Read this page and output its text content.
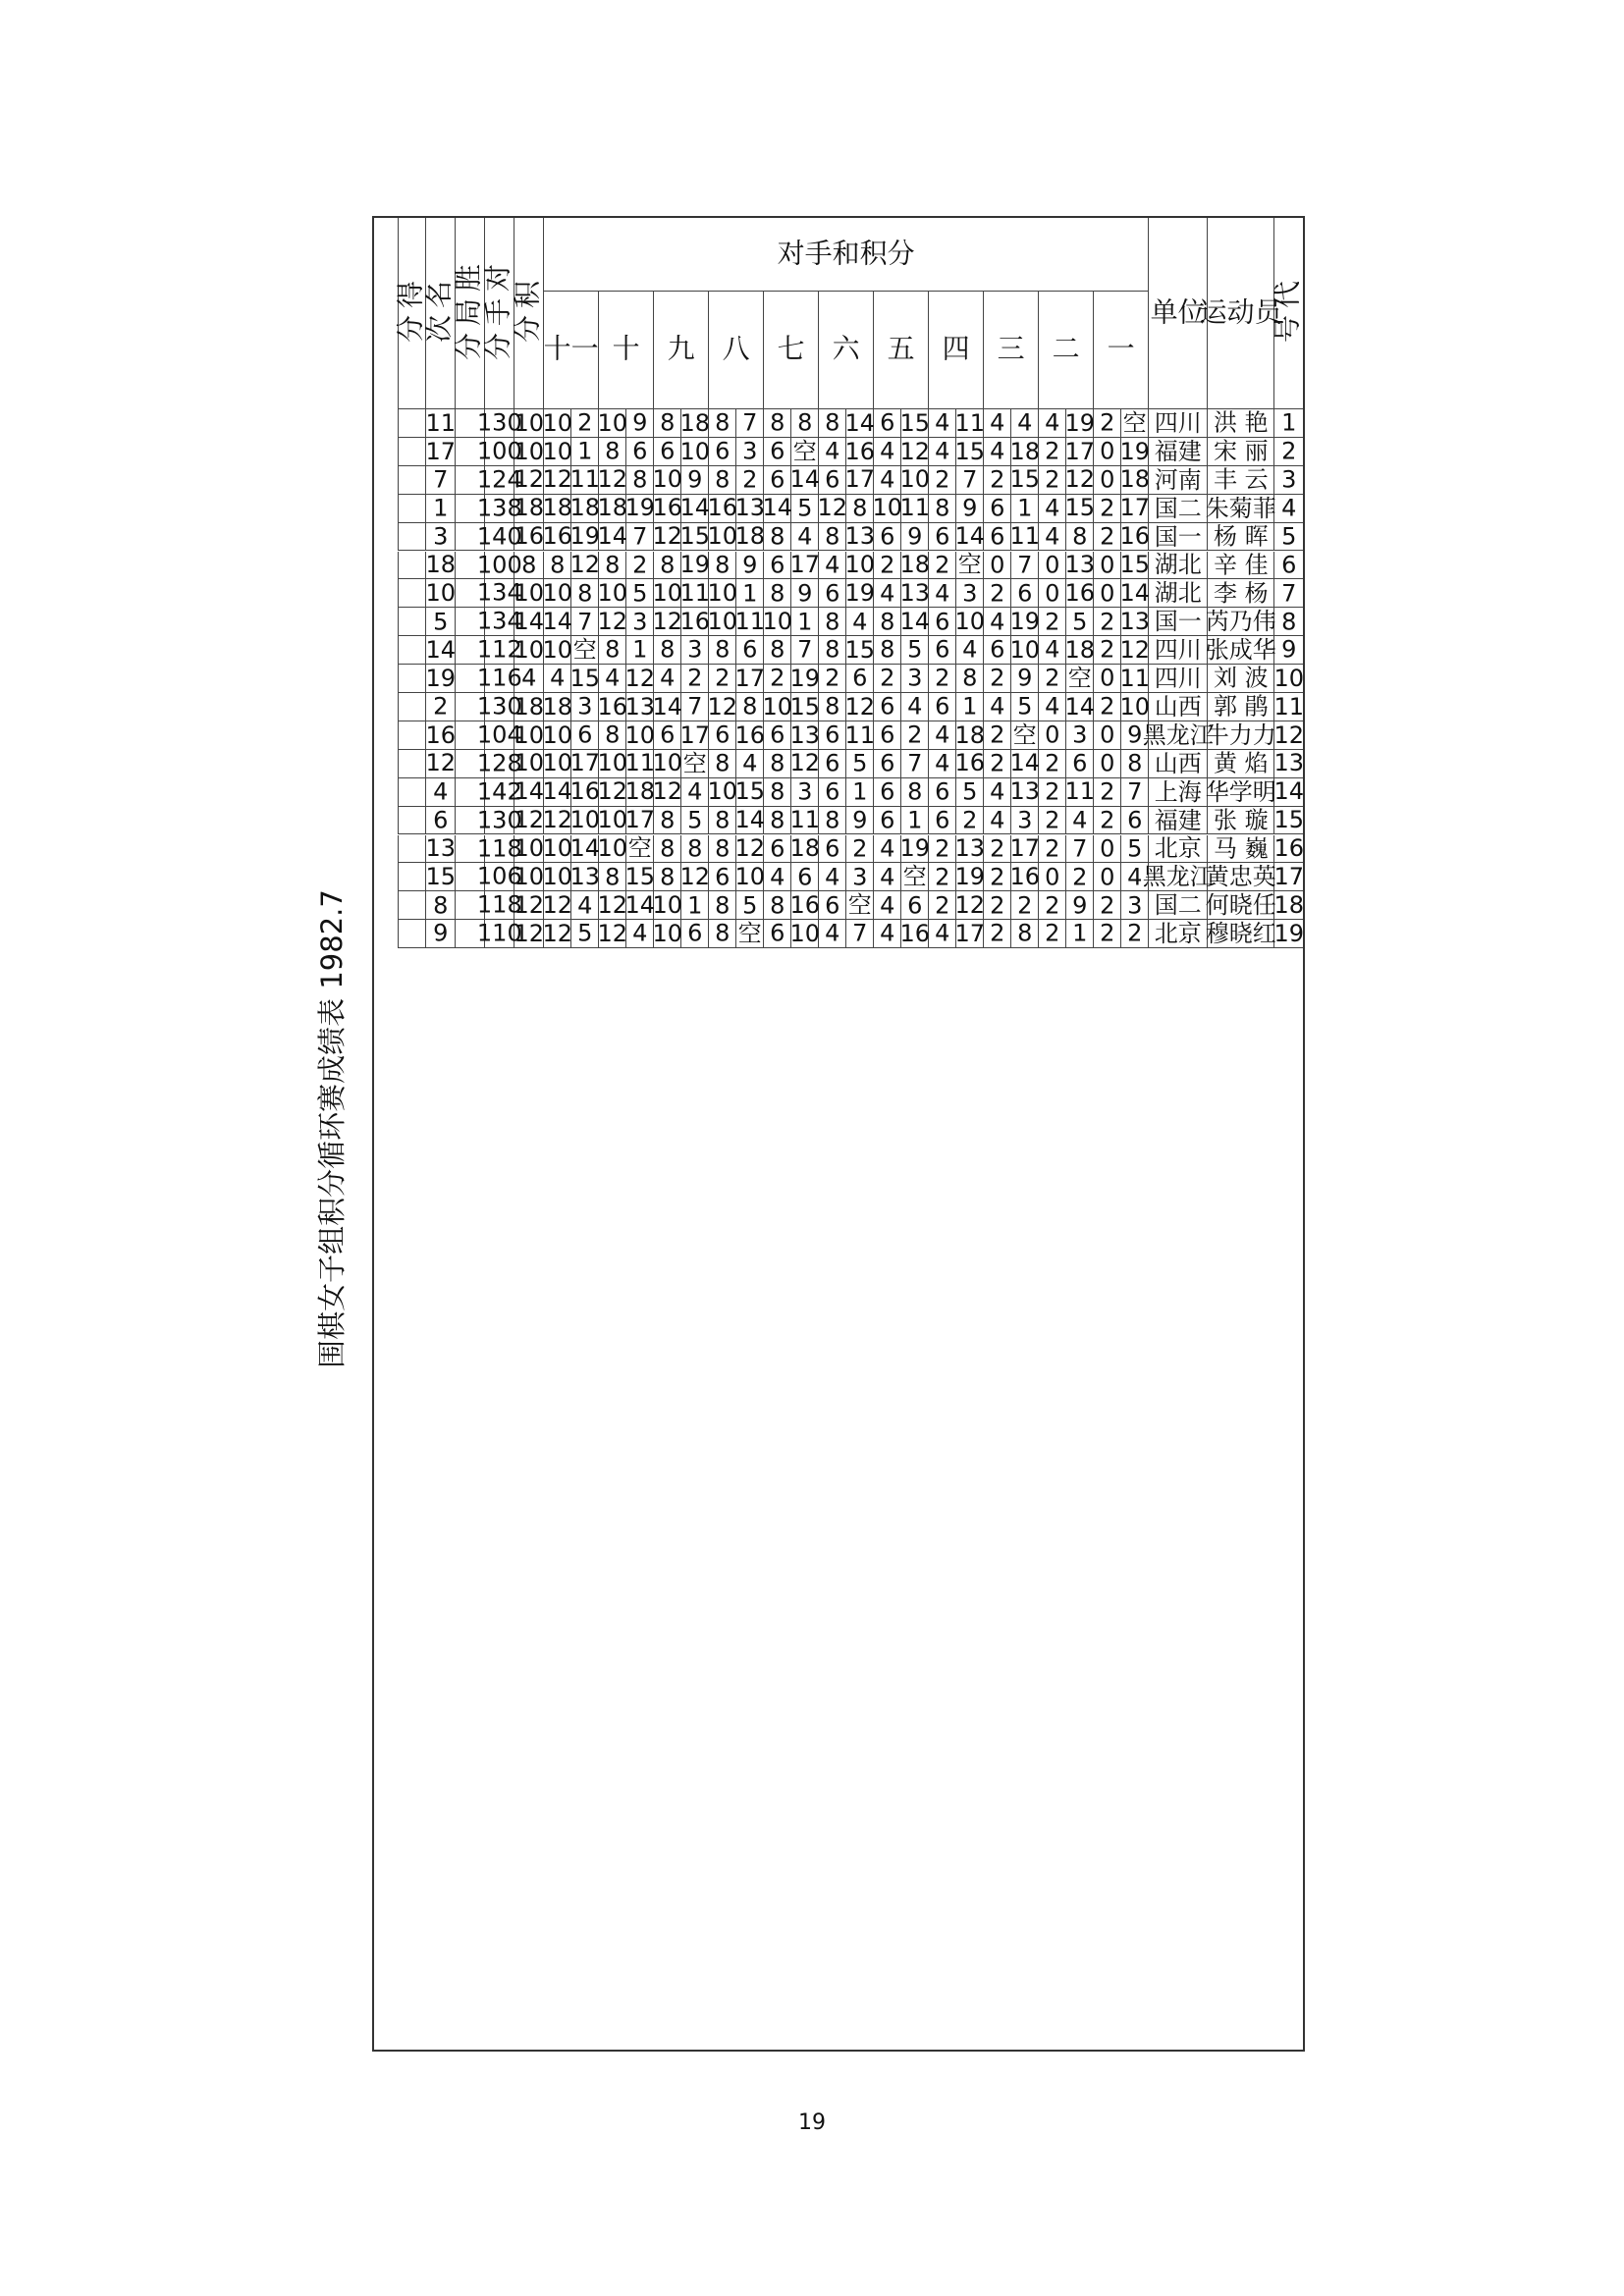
围棋女子组积分循环赛成绩表 1982.7
代号
运动员
单位
对手和积分
一
二
三
四
五
六
七
八
九
十
十一
积分
对手分
胜局分
名次
得分
1
洪 艳
四川
空
2
19
4
4
4
11
4
15
6
14
8
8
8
7
8
18
8
9
10
2
10
10
130
11
2
宋 丽
福建
19
0
17
2
18
4
15
4
12
4
16
4
空
6
3
6
10
6
6
8
1
10
10
100
17
3
丰 云
河南
18
0
12
2
15
2
7
2
10
4
17
6
14
6
2
8
9
10
8
12
11
12
12
124
7
4
朱菊菲
国二
17
2
15
4
1
6
9
8
11
10
8
12
5
14
13
16
14
16
19
18
18
18
18
138
1
5
杨 晖
国一
16
2
8
4
11
6
14
6
9
6
13
8
4
8
18
10
15
12
7
14
19
16
16
140
3
6
辛 佳
湖北
15
0
13
0
7
0
空
2
18
2
10
4
17
6
9
8
19
8
2
8
12
8
8
100
18
7
李 杨
湖北
14
0
16
0
6
2
3
4
13
4
19
6
9
8
1
10
11
10
5
10
8
10
10
134
10
8
芮乃伟
国一
13
2
5
2
19
4
10
6
14
8
4
8
1
10
11
10
16
12
3
12
7
14
14
134
5
9
张成华
四川
12
2
18
4
10
6
4
6
5
8
15
8
7
8
6
8
3
8
1
8
空
10
10
112
14
10
刘 波
四川
11
0
空
2
9
2
8
2
3
2
6
2
19
2
17
2
2
4
12
4
15
4
4
116
19
11
郭 鹃
山西
10
2
14
4
5
4
1
6
4
6
12
8
15
10
8
12
7
14
13
16
3
18
18
130
2
12
牛力力
黑龙江
9
0
3
0
空
2
18
4
2
6
11
6
13
6
16
6
17
6
10
8
6
10
10
104
16
13
黄 焰
山西
8
0
6
2
14
2
16
4
7
6
5
6
12
8
4
8
空
10
11
10
17
10
10
128
12
14
华学明
上海
7
2
11
2
13
4
5
6
8
6
1
6
3
8
15
10
4
12
18
12
16
14
14
142
4
15
张 璇
福建
6
2
4
2
3
4
2
6
1
6
9
8
11
8
14
8
5
8
17
10
10
12
12
130
6
16
马 巍
北京
5
0
7
2
17
2
13
2
19
4
2
6
18
6
12
8
8
8
空
10
14
10
10
118
13
17
黄忠英
黑龙江
4
0
2
0
16
2
19
2
空
4
3
4
6
4
10
6
12
8
15
8
13
10
10
106
15
18
何晓任
国二
3
2
9
2
2
2
12
2
6
4
空
6
16
8
5
8
1
10
14
12
4
12
12
118
8
19
穆晓红
北京
2
2
1
2
8
2
17
4
16
4
7
4
10
6
空
8
6
10
4
12
5
12
12
110
9
19
